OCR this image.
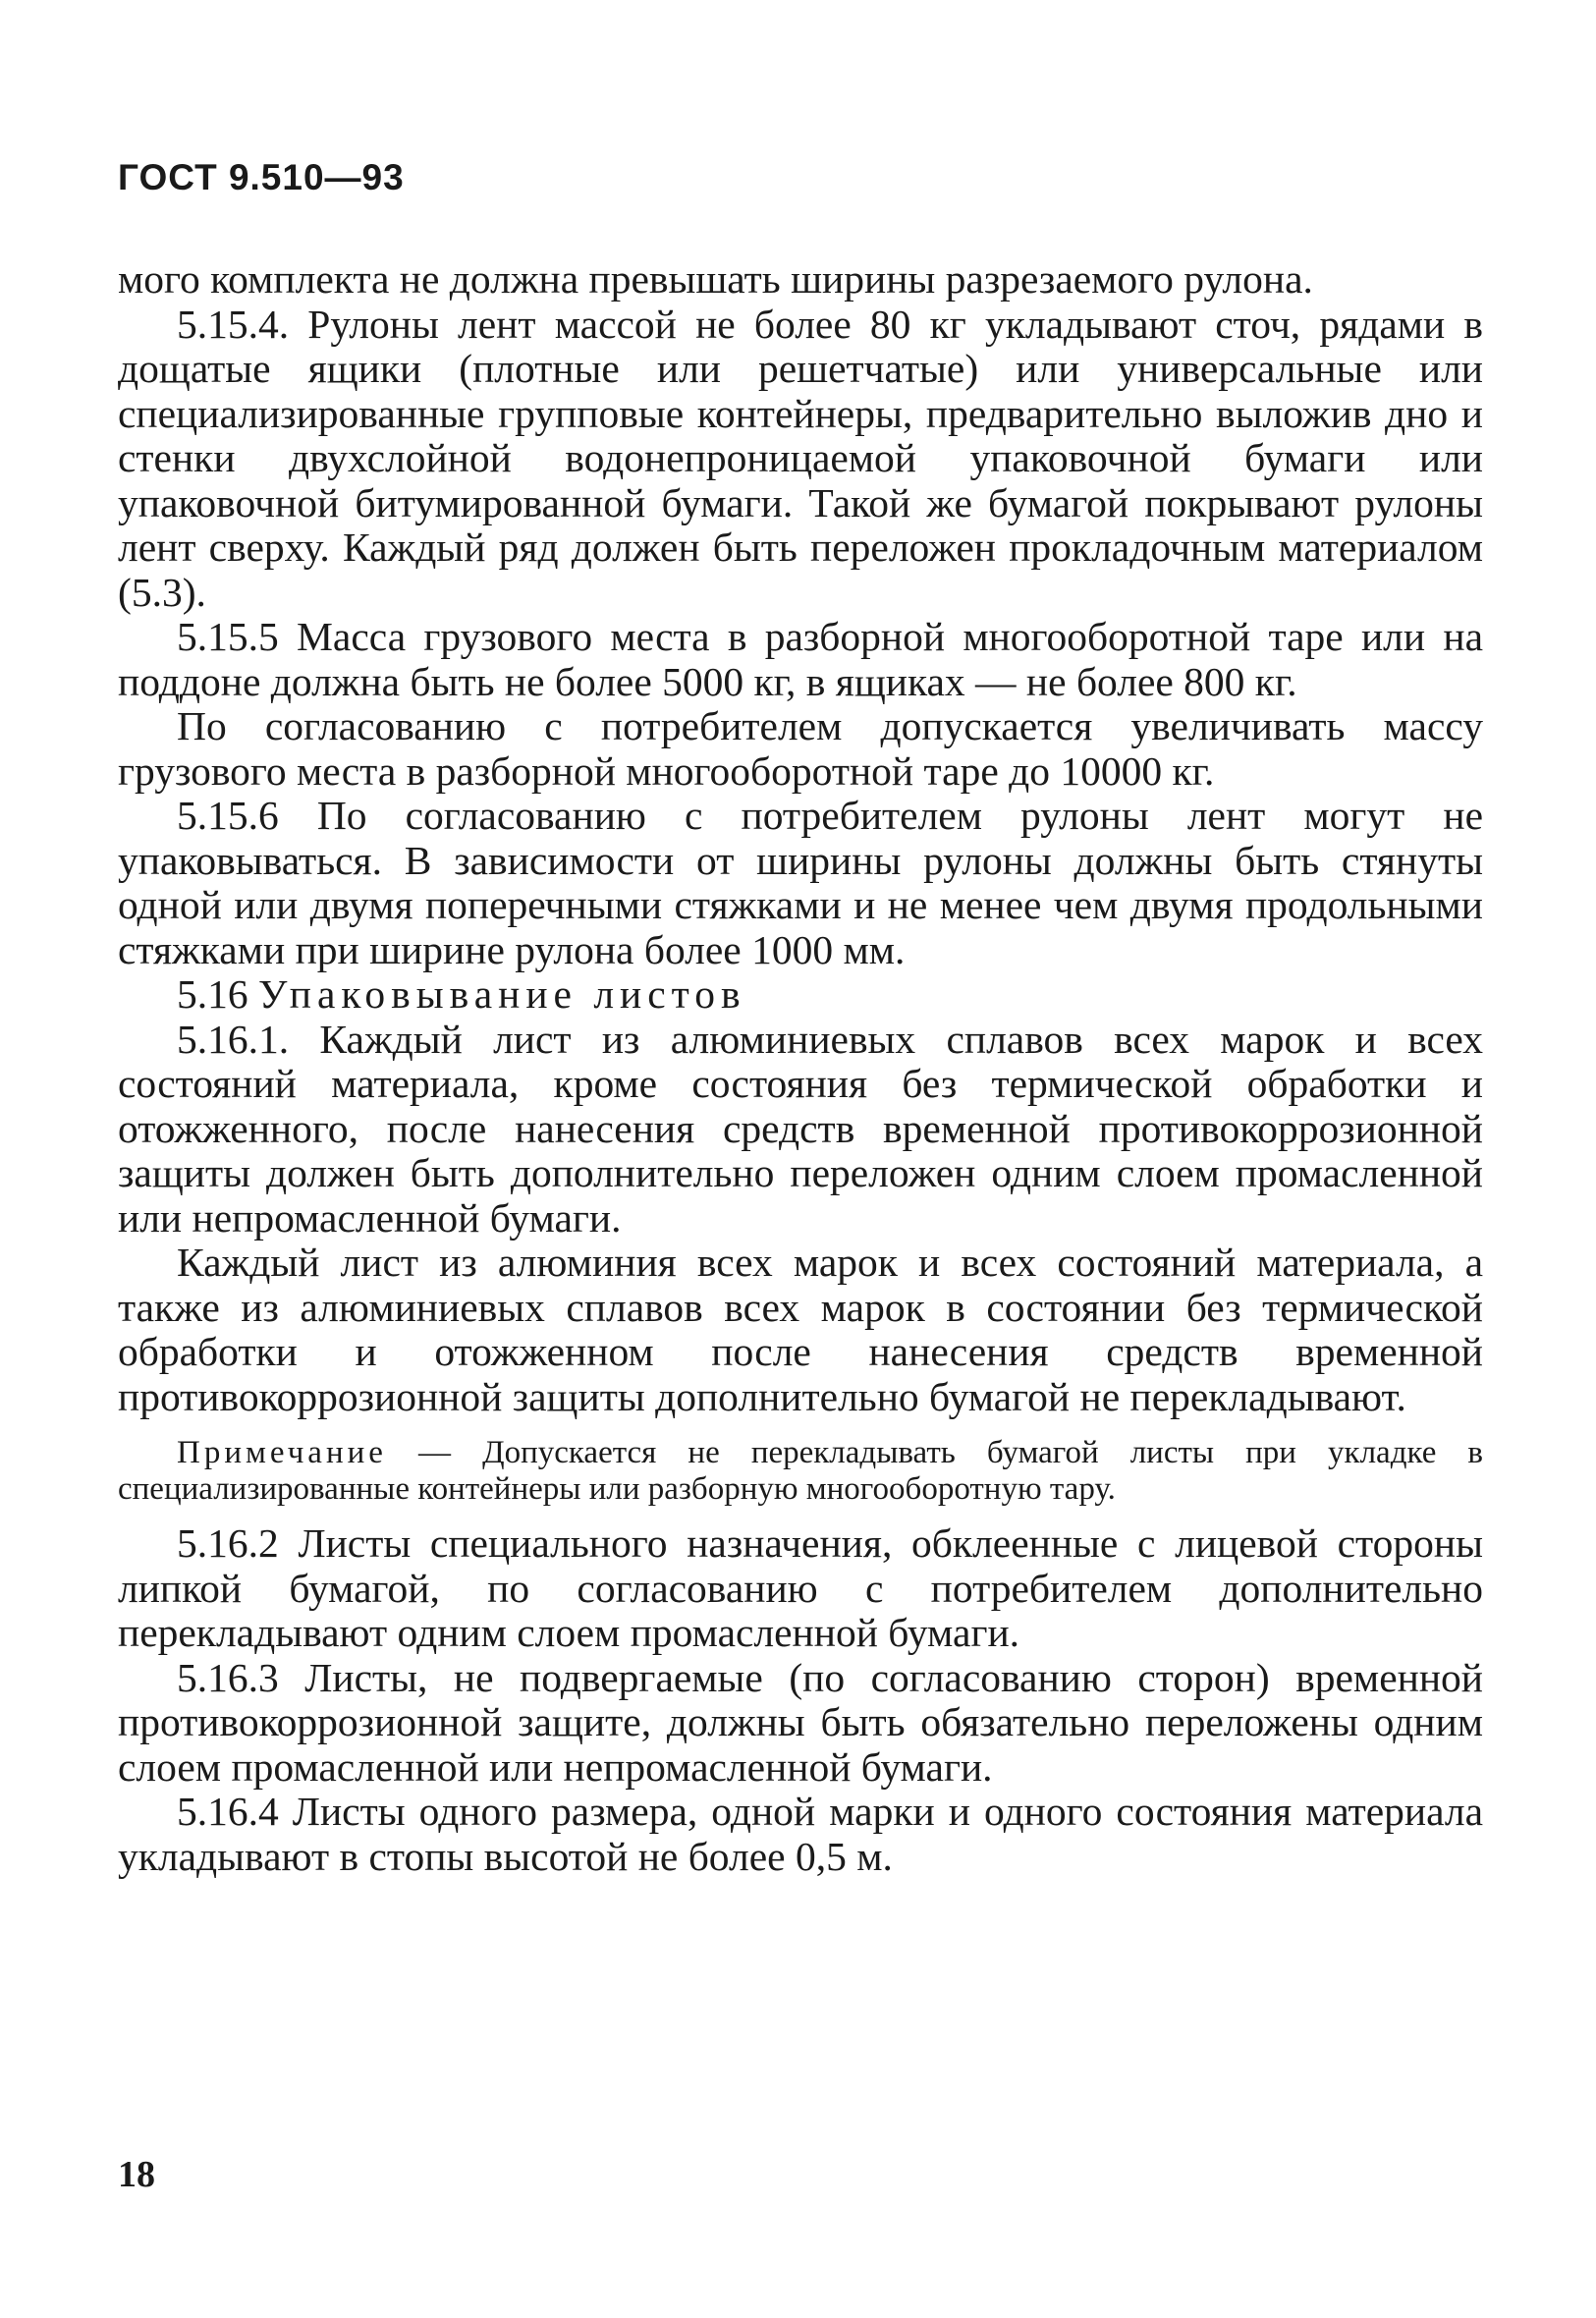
ГОСТ 9.510—93

мого комплекта не должна превышать ширины разрезаемого рулона.

5.15.4. Рулоны лент массой не более 80 кг укладывают сточ, рядами в дощатые ящики (плотные или решетчатые) или универсальные или специализированные групповые контейнеры, предварительно выложив дно и стенки двухслойной водонепроницаемой упаковочной бумаги или упаковочной битумированной бумаги. Такой же бумагой покрывают рулоны лент сверху. Каждый ряд должен быть переложен прокладочным материалом (5.3).

5.15.5 Масса грузового места в разборной многооборотной таре или на поддоне должна быть не более 5000 кг, в ящиках — не более 800 кг.

По согласованию с потребителем допускается увеличивать массу грузового места в разборной многооборотной таре до 10000 кг.

5.15.6 По согласованию с потребителем рулоны лент могут не упаковываться. В зависимости от ширины рулоны должны быть стянуты одной или двумя поперечными стяжками и не менее чем двумя продольными стяжками при ширине рулона более 1000 мм.

5.16 Упаковывание листов

5.16.1. Каждый лист из алюминиевых сплавов всех марок и всех состояний материала, кроме состояния без термической обработки и отожженного, после нанесения средств временной противокоррозионной защиты должен быть дополнительно переложен одним слоем промасленной или непромасленной бумаги.

Каждый лист из алюминия всех марок и всех состояний материала, а также из алюминиевых сплавов всех марок в состоянии без термической обработки и отожженном после нанесения средств временной противокоррозионной защиты дополнительно бумагой не перекладывают.

Примечание — Допускается не перекладывать бумагой листы при укладке в специализированные контейнеры или разборную многооборотную тару.

5.16.2 Листы специального назначения, обклеенные с лицевой стороны липкой бумагой, по согласованию с потребителем дополнительно перекладывают одним слоем промасленной бумаги.

5.16.3 Листы, не подвергаемые (по согласованию сторон) временной противокоррозионной защите, должны быть обязательно переложены одним слоем промасленной или непромасленной бумаги.

5.16.4 Листы одного размера, одной марки и одного состояния материала укладывают в стопы высотой не более 0,5 м.

18
